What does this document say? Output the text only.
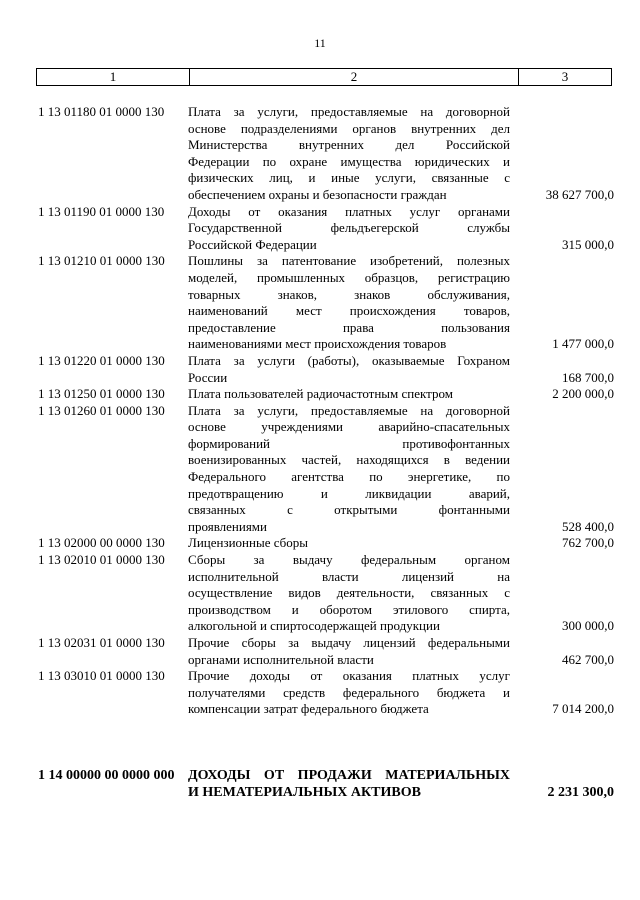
11
1	2	3
1 13 01180 01 0000 130	Плата за услуги, предоставляемые на договорной
основе подразделениями органов внутренних дел
Министерства внутренних дел Российской
Федерации по охране имущества юридических и
физических лиц, и иные услуги, связанные с
обеспечением охраны и безопасности граждан	38 627 700,0
1 13 01190 01 0000 130	Доходы от оказания платных услуг органами
Государственной фельдъегерской службы
Российской Федерации	315 000,0
1 13 01210 01 0000 130	Пошлины за патентование изобретений, полезных
моделей, промышленных образцов, регистрацию
товарных знаков, знаков обслуживания,
наименований мест происхождения товаров,
предоставление права пользования
наименованиями мест происхождения товаров	1 477 000,0
1 13 01220 01 0000 130	Плата за услуги (работы), оказываемые Гохраном
России	168 700,0
1 13 01250 01 0000 130	Плата пользователей радиочастотным спектром	2 200 000,0
1 13 01260 01 0000 130	Плата за услуги, предоставляемые на договорной
основе учреждениями аварийно-спасательных
формирований противофонтанных
военизированных частей, находящихся в ведении
Федерального агентства по энергетике, по
предотвращению и ликвидации аварий,
связанных с открытыми фонтанными
проявлениями	528 400,0
1 13 02000 00 0000 130	Лицензионные сборы	762 700,0
1 13 02010 01 0000 130	Сборы за выдачу федеральным органом
исполнительной власти лицензий на
осуществление видов деятельности, связанных с
производством и оборотом этилового спирта,
алкогольной и спиртосодержащей продукции	300 000,0
1 13 02031 01 0000 130	Прочие сборы за выдачу лицензий федеральными
органами исполнительной власти	462 700,0
1 13 03010 01 0000 130	Прочие доходы от оказания платных услуг
получателями средств федерального бюджета и
компенсации затрат федерального бюджета	7 014 200,0
1 14 00000 00 0000 000 ДОХОДЫ ОТ ПРОДАЖИ МАТЕРИАЛЬНЫХ
И НЕМАТЕРИАЛЬНЫХ АКТИВОВ	2 231 300,0
